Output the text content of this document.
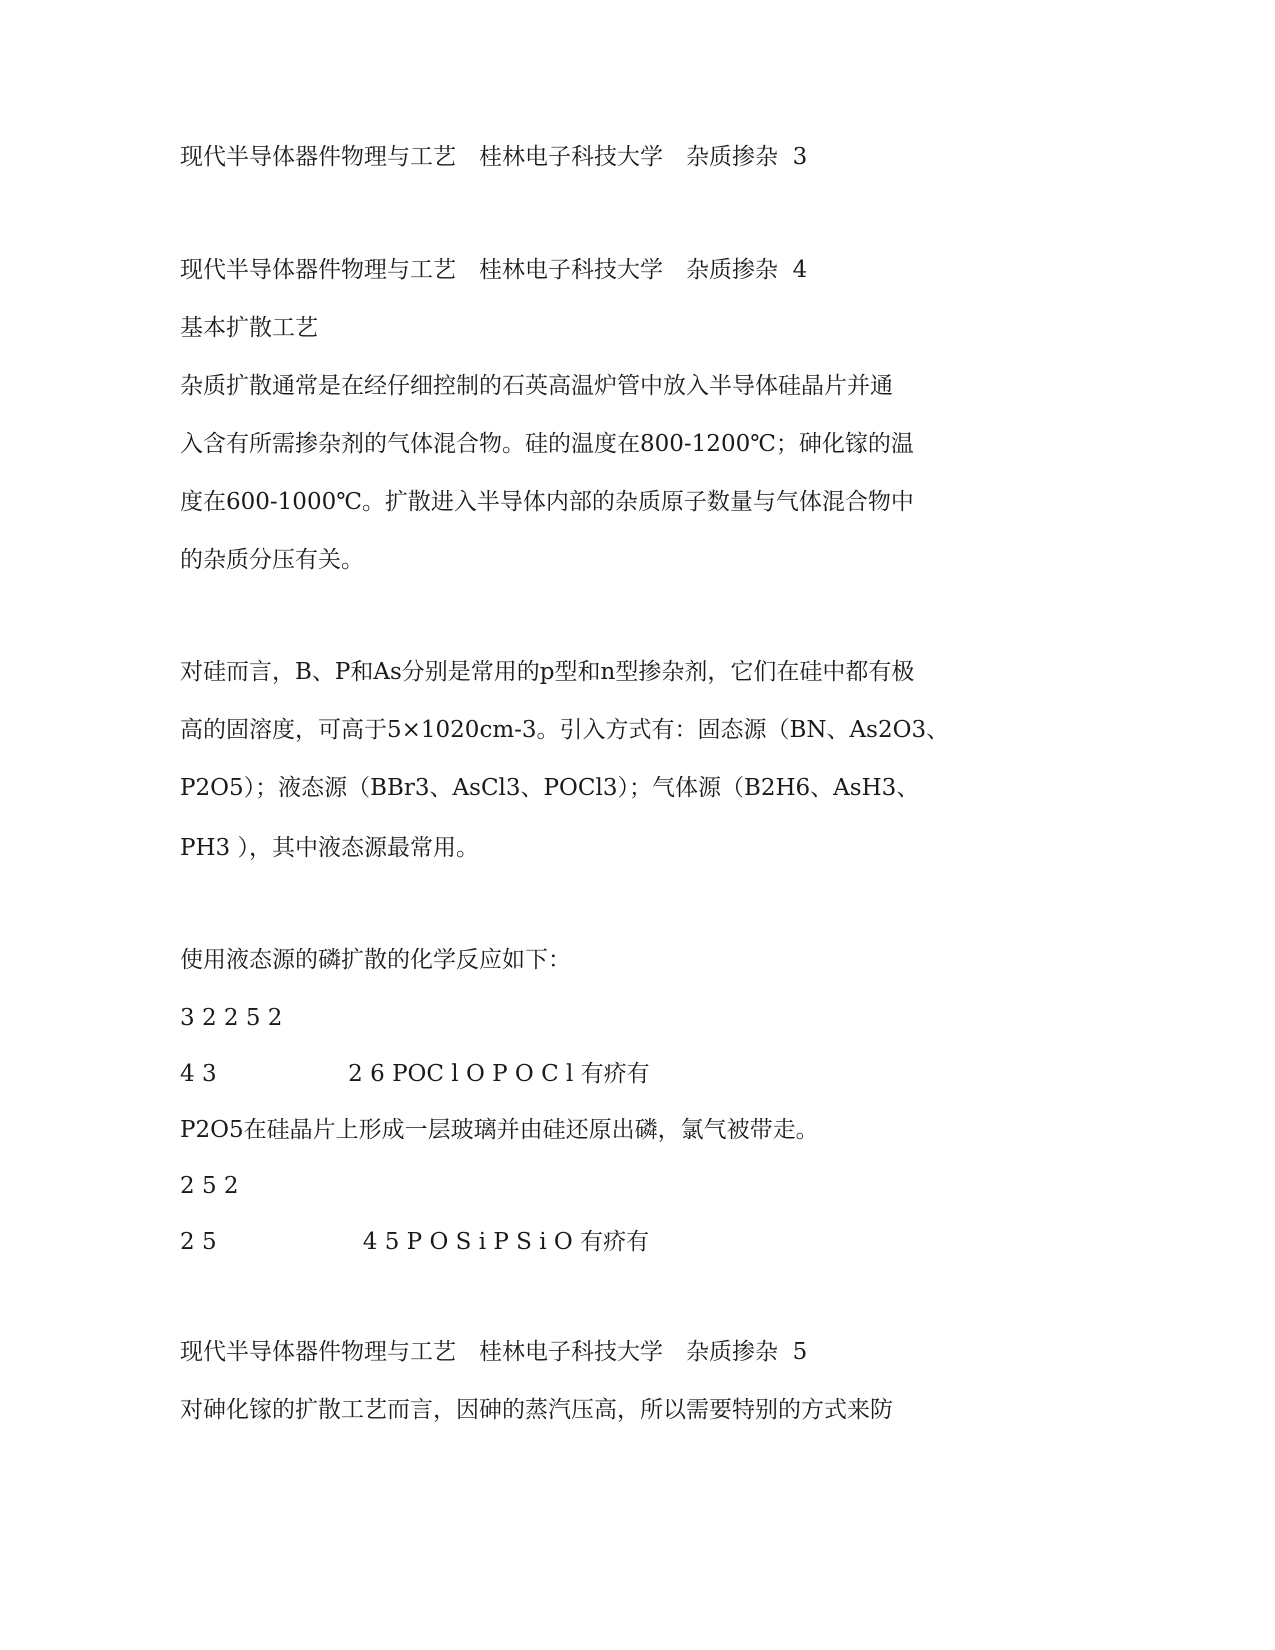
现代半导体器件物理与工艺　桂林电子科技大学　杂质掺杂  3

现代半导体器件物理与工艺　桂林电子科技大学　杂质掺杂  4

基本扩散工艺

杂质扩散通常是在经仔细控制的石英高温炉管中放入半导体硅晶片并通

入含有所需掺杂剂的气体混合物。硅的温度在800-1200℃；砷化镓的温

度在600-1000℃。扩散进入半导体内部的杂质原子数量与气体混合物中

的杂质分压有关。

对硅而言，B、P和As分别是常用的p型和n型掺杂剂，它们在硅中都有极

高的固溶度，可高于5×1020cm-3。引入方式有：固态源（BN、As2O3、

P2O5）；液态源（BBr3、AsCl3、POCl3）；气体源（B2H6、AsH3、

PH3 ），其中液态源最常用。

使用液态源的磷扩散的化学反应如下：

3 2 2 5 2

4 3                  2 6 POC l O P O C l 有疥有

P2O5在硅晶片上形成一层玻璃并由硅还原出磷，氯气被带走。

2 5 2

2 5                    4 5 P O S i P S i O 有疥有

现代半导体器件物理与工艺　桂林电子科技大学　杂质掺杂  5

对砷化镓的扩散工艺而言，因砷的蒸汽压高，所以需要特别的方式来防
